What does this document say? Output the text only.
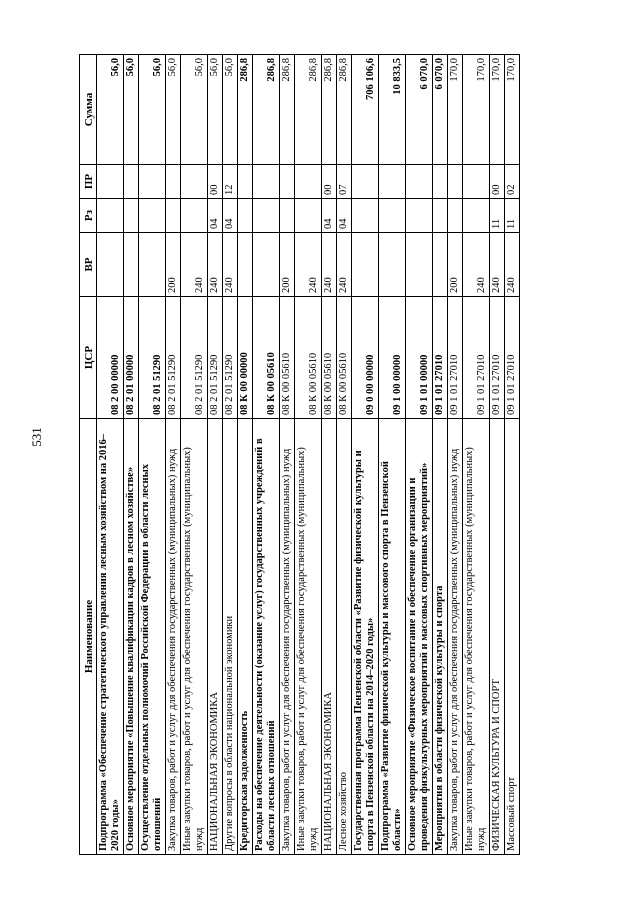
531
Наименование	ЦСР	ВР	Рз	ПР	Сумма
Подпрограмма «Обеспечение стратегического управления лесным хозяйством на 2016–2020 годы»	08 2 00 00000				56,0
Основное мероприятие «Повышение квалификации кадров в лесном хозяйстве»	08 2 01 00000				56,0
Осуществление отдельных полномочий Российской Федерации в области лесных отношений	08 2 01 51290				56,0
Закупка товаров, работ и услуг для обеспечения государственных (муниципальных) нужд	08 2 01 51290	200			56,0
Иные закупки товаров, работ и услуг для обеспечения государственных (муниципальных) нужд	08 2 01 51290	240			56,0
НАЦИОНАЛЬНАЯ ЭКОНОМИКА	08 2 01 51290	240	04	00	56,0
Другие вопросы в области национальной экономики	08 2 01 51290	240	04	12	56,0
Кредиторская задолженность	08 К 00 00000				286,8
Расходы на обеспечение деятельности (оказание услуг) государственных учреждений в области лесных отношений	08 К 00 05610				286,8
Закупка товаров, работ и услуг для обеспечения государственных (муниципальных) нужд	08 К 00 05610	200			286,8
Иные закупки товаров, работ и услуг для обеспечения государственных (муниципальных) нужд	08 К 00 05610	240			286,8
НАЦИОНАЛЬНАЯ ЭКОНОМИКА	08 К 00 05610	240	04	00	286,8
Лесное хозяйство	08 К 00 05610	240	04	07	286,8
Государственная программа Пензенской области «Развитие физической культуры и спорта в Пензенской области на 2014–2020 годы»	09 0 00 00000				706 106,6
Подпрограмма «Развитие физической культуры и массового спорта в Пензенской области»	09 1 00 00000				10 833,5
Основное мероприятие «Физическое воспитание и обеспечение организации и проведения физкультурных мероприятий и массовых спортивных мероприятий»	09 1 01 00000				6 070,0
Мероприятия в области физической культуры и спорта	09 1 01 27010				6 070,0
Закупка товаров, работ и услуг для обеспечения государственных (муниципальных) нужд	09 1 01 27010	200			170,0
Иные закупки товаров, работ и услуг для обеспечения государственных (муниципальных) нужд	09 1 01 27010	240			170,0
ФИЗИЧЕСКАЯ КУЛЬТУРА И СПОРТ	09 1 01 27010	240	11	00	170,0
Массовый спорт	09 1 01 27010	240	11	02	170,0
